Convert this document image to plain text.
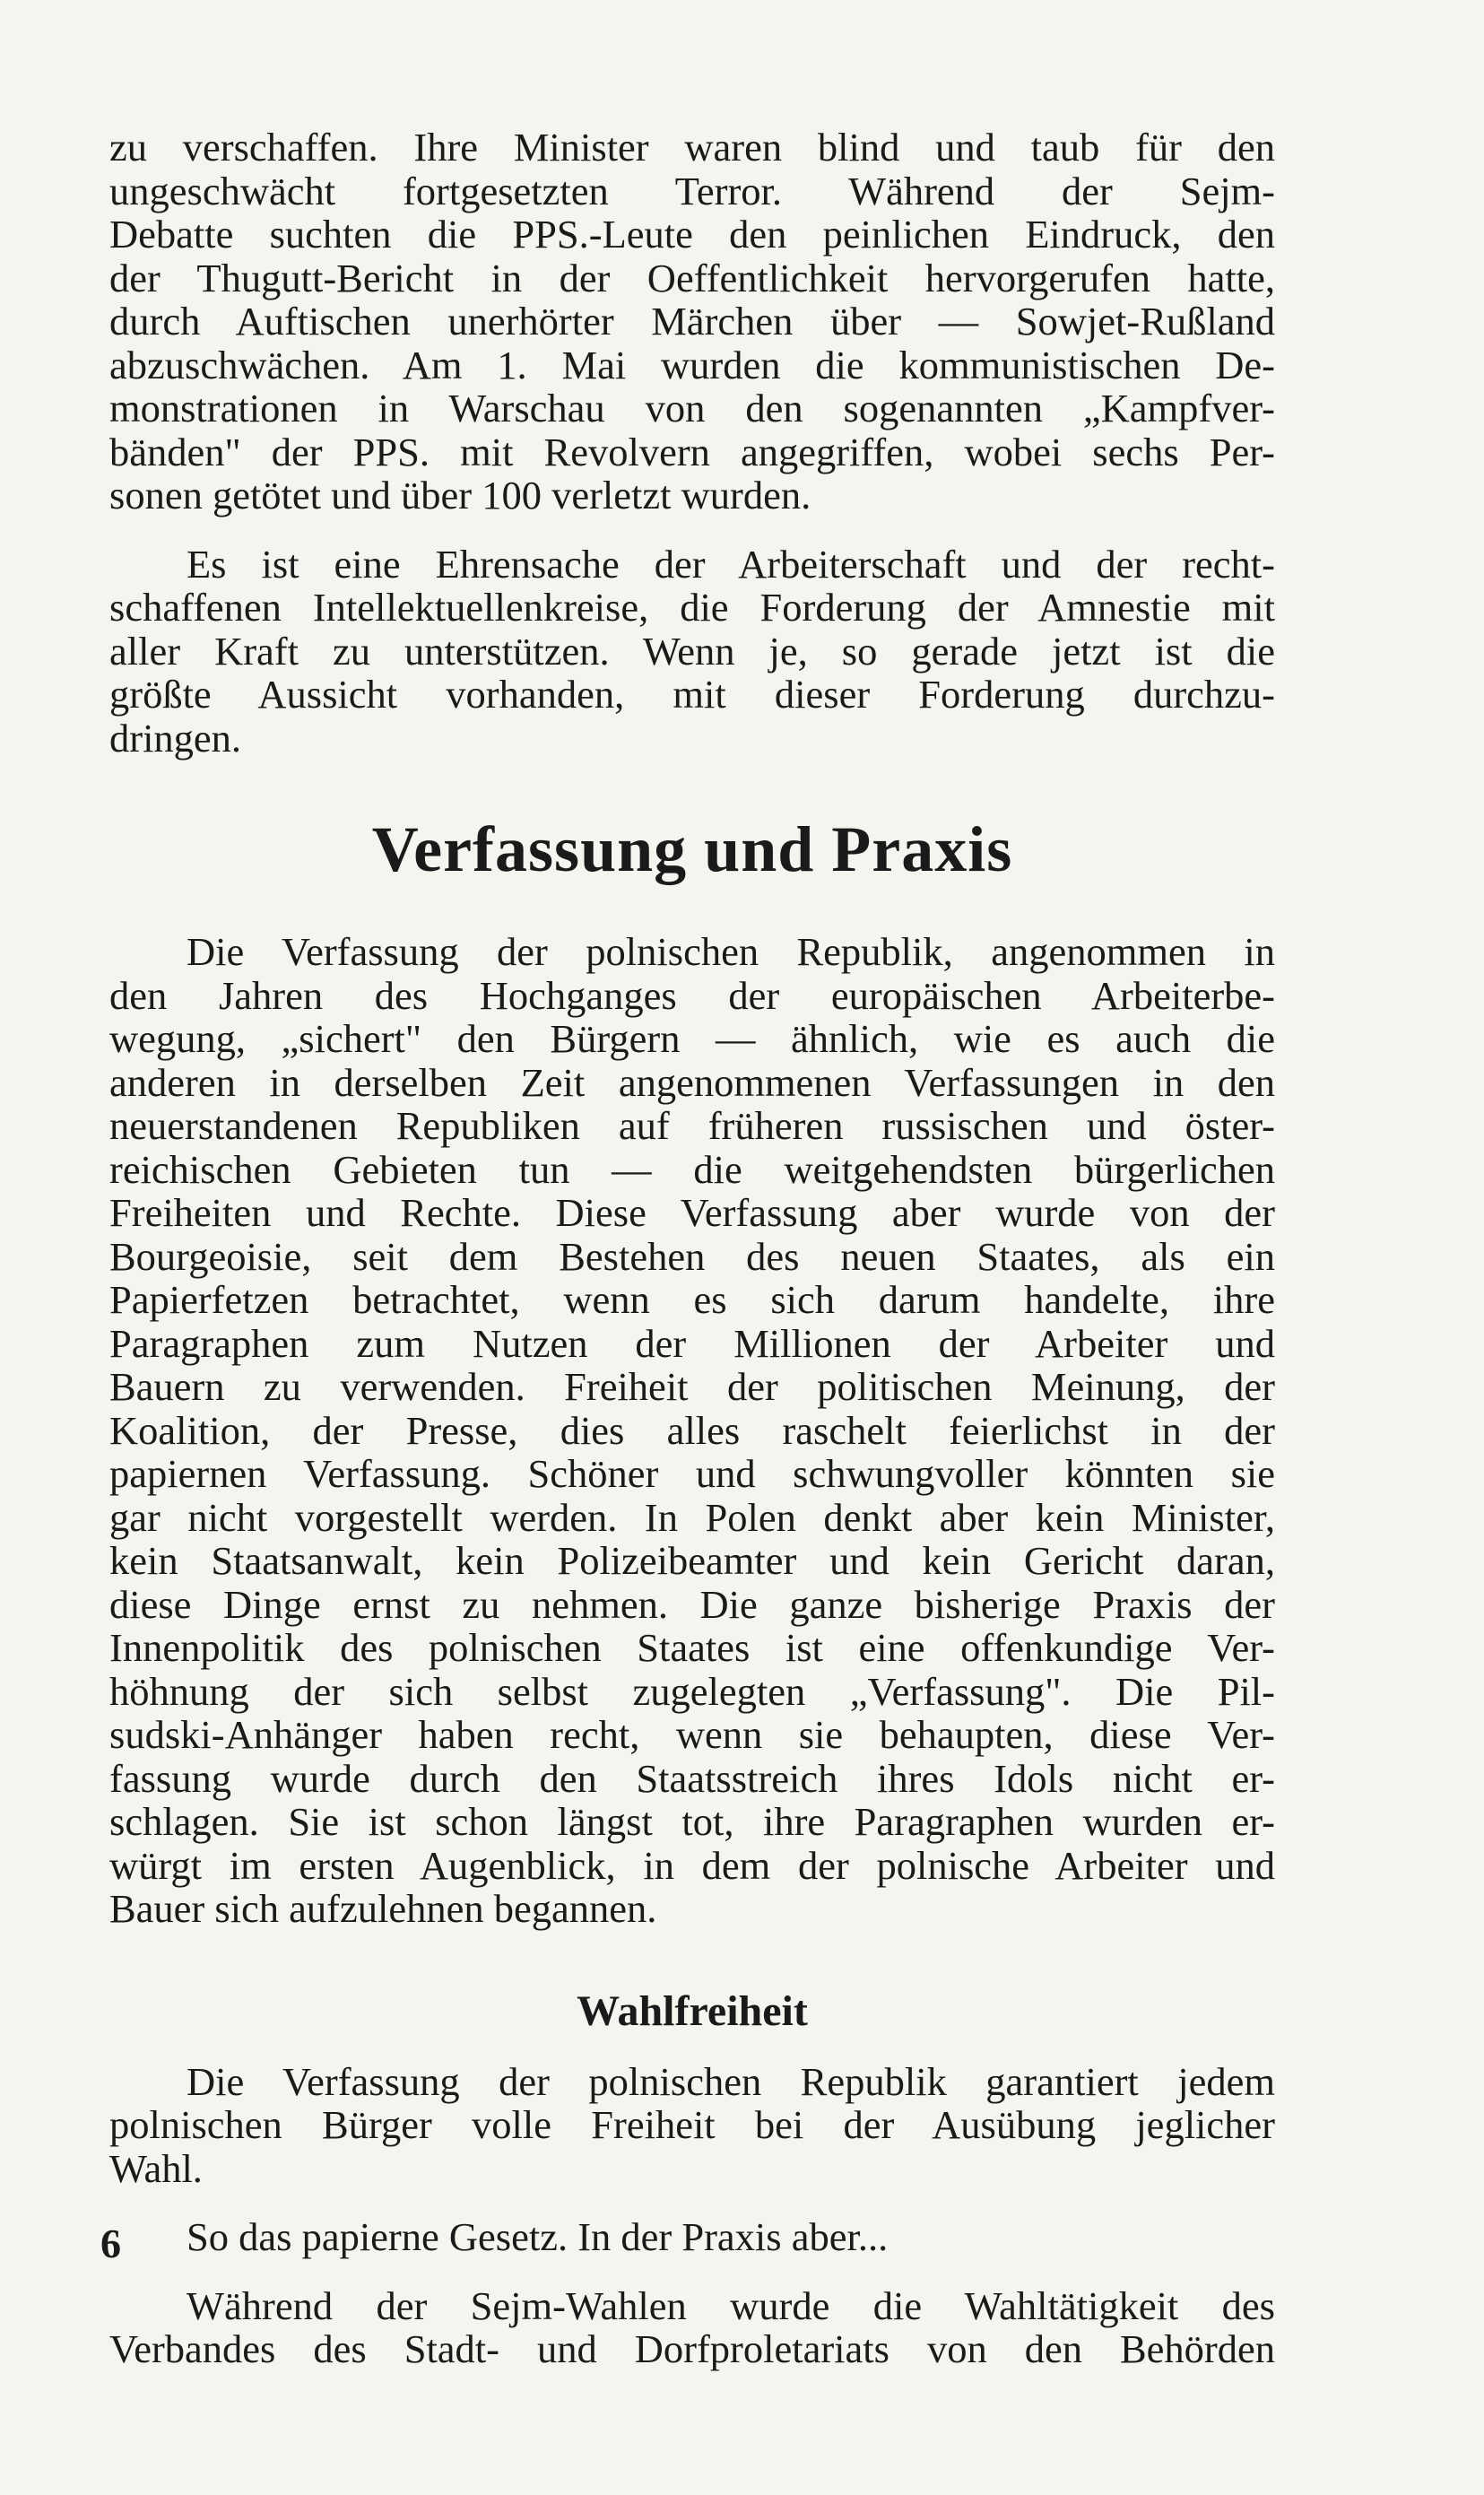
zu verschaffen. Ihre Minister waren blind und taub für den
ungeschwächt fortgesetzten Terror. Während der Sejm-
Debatte suchten die PPS.-Leute den peinlichen Eindruck, den
der Thugutt-Bericht in der Oeffentlichkeit hervorgerufen hatte,
durch Auftischen unerhörter Märchen über — Sowjet-Rußland
abzuschwächen. Am 1. Mai wurden die kommunistischen De-
monstrationen in Warschau von den sogenannten „Kampfver-
bänden" der PPS. mit Revolvern angegriffen, wobei sechs Per-
sonen getötet und über 100 verletzt wurden.

Es ist eine Ehrensache der Arbeiterschaft und der recht-
schaffenen Intellektuellenkreise, die Forderung der Amnestie mit
aller Kraft zu unterstützen. Wenn je, so gerade jetzt ist die
größte Aussicht vorhanden, mit dieser Forderung durchzu-
dringen.

Verfassung und Praxis

Die Verfassung der polnischen Republik, angenommen in
den Jahren des Hochganges der europäischen Arbeiterbe-
wegung, „sichert" den Bürgern — ähnlich, wie es auch die
anderen in derselben Zeit angenommenen Verfassungen in den
neuerstandenen Republiken auf früheren russischen und öster-
reichischen Gebieten tun — die weitgehendsten bürgerlichen
Freiheiten und Rechte. Diese Verfassung aber wurde von der
Bourgeoisie, seit dem Bestehen des neuen Staates, als ein
Papierfetzen betrachtet, wenn es sich darum handelte, ihre
Paragraphen zum Nutzen der Millionen der Arbeiter und
Bauern zu verwenden. Freiheit der politischen Meinung, der
Koalition, der Presse, dies alles raschelt feierlichst in der
papiernen Verfassung. Schöner und schwungvoller könnten sie
gar nicht vorgestellt werden. In Polen denkt aber kein Minister,
kein Staatsanwalt, kein Polizeibeamter und kein Gericht daran,
diese Dinge ernst zu nehmen. Die ganze bisherige Praxis der
Innenpolitik des polnischen Staates ist eine offenkundige Ver-
höhnung der sich selbst zugelegten „Verfassung". Die Pil-
sudski-Anhänger haben recht, wenn sie behaupten, diese Ver-
fassung wurde durch den Staatsstreich ihres Idols nicht er-
schlagen. Sie ist schon längst tot, ihre Paragraphen wurden er-
würgt im ersten Augenblick, in dem der polnische Arbeiter und
Bauer sich aufzulehnen begannen.

Wahlfreiheit

Die Verfassung der polnischen Republik garantiert jedem
polnischen Bürger volle Freiheit bei der Ausübung jeglicher
Wahl.

So das papierne Gesetz. In der Praxis aber...

Während der Sejm-Wahlen wurde die Wahltätigkeit des
Verbandes des Stadt- und Dorfproletariats von den Behörden

6
